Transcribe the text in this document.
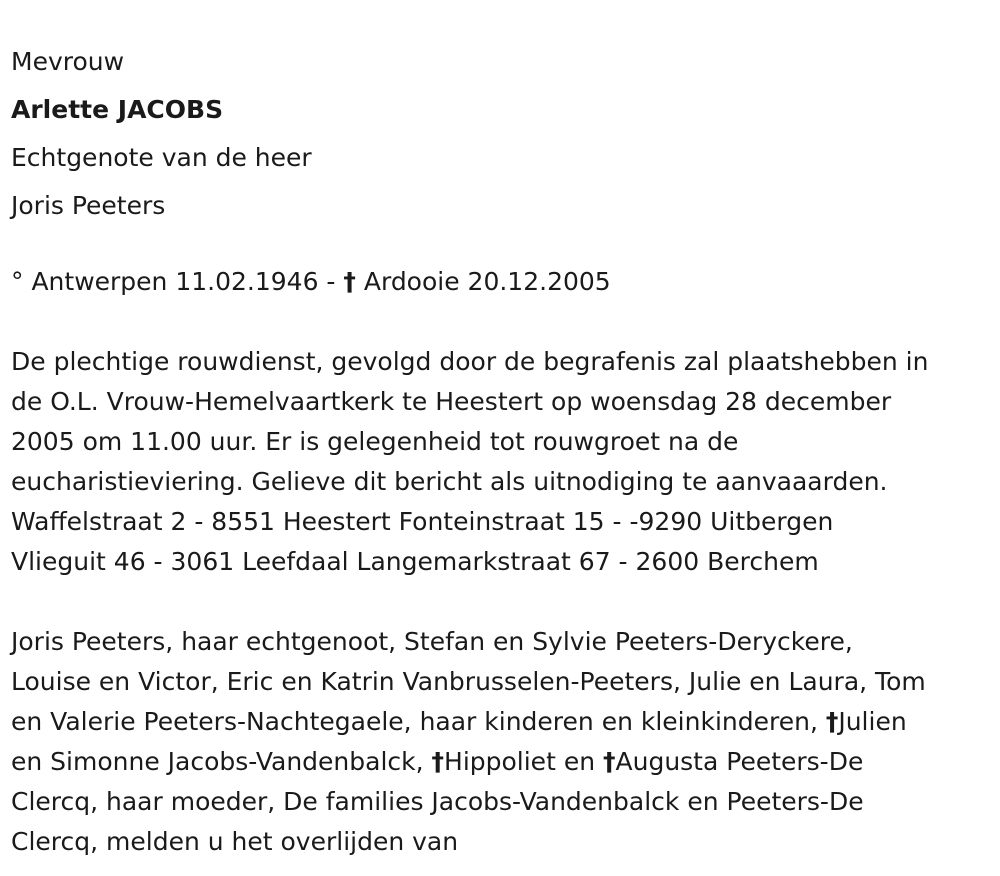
Mevrouw

Arlette JACOBS

Echtgenote van de heer

Joris Peeters

° Antwerpen 11.02.1946 - † Ardooie 20.12.2005

De plechtige rouwdienst, gevolgd door de begrafenis zal plaatshebben in
de O.L. Vrouw-Hemelvaartkerk te Heestert op woensdag 28 december
2005 om 11.00 uur. Er is gelegenheid tot rouwgroet na de
eucharistieviering. Gelieve dit bericht als uitnodiging te aanvaaarden.
Waffelstraat 2 - 8551 Heestert Fonteinstraat 15 - -9290 Uitbergen
Vlieguit 46 - 3061 Leefdaal Langemarkstraat 67 - 2600 Berchem
Joris Peeters, haar echtgenoot, Stefan en Sylvie Peeters-Deryckere,
Louise en Victor, Eric en Katrin Vanbrusselen-Peeters, Julie en Laura, Tom
en Valerie Peeters-Nachtegaele, haar kinderen en kleinkinderen, †Julien
en Simonne Jacobs-Vandenbalck, †Hippoliet en †Augusta Peeters-De
Clercq, haar moeder, De families Jacobs-Vandenbalck en Peeters-De
Clercq, melden u het overlijden van
